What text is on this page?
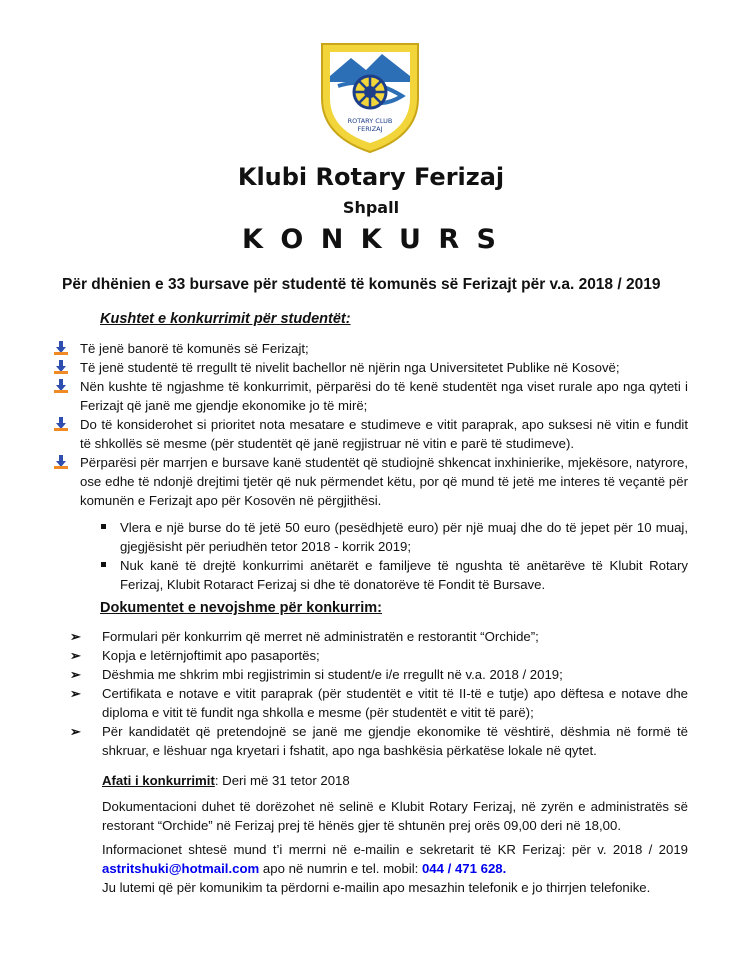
ROTARY CLUB
FERIZAJ
Klubi Rotary Ferizaj
Shpall
K O N K U R S
Për dhënien e 33 bursave për studentë të komunës së Ferizajt për v.a. 2018 / 2019
Kushtet e konkurrimit për studentët:
Të jenë banorë të komunës së Ferizajt;
Të jenë studentë të rregullt të nivelit bachellor në njërin nga Universitetet Publike në Kosovë;
Nën kushte të ngjashme të konkurrimit, përparësi do të kenë studentët nga viset rurale apo nga qyteti i Ferizajt që janë me gjendje ekonomike jo të mirë;
Do të konsiderohet si prioritet nota mesatare e studimeve e vitit paraprak, apo suksesi në vitin e fundit të shkollës së mesme (për studentët që janë regjistruar në vitin e parë të studimeve).
Përparësi për marrjen e bursave kanë studentët që studiojnë shkencat inxhinierike, mjekësore, natyrore, ose edhe të ndonjë drejtimi tjetër që nuk përmendet këtu, por që mund të jetë me interes të veçantë për komunën e Ferizajt apo për Kosovën në përgjithësi.
Vlera e një burse do të jetë 50 euro (pesëdhjetë euro) për një muaj dhe do të jepet për 10 muaj, gjegjësisht për periudhën tetor 2018 - korrik 2019;
Nuk kanë të drejtë konkurrimi anëtarët e familjeve të ngushta të anëtarëve të Klubit Rotary Ferizaj, Klubit Rotaract Ferizaj si dhe të donatorëve të Fondit të Bursave.
Dokumentet e nevojshme për konkurrim:
➢ Formulari për konkurrim që merret në administratën e restorantit “Orchide”;
➢ Kopja e letërnjoftimit apo pasaportës;
➢ Dëshmia me shkrim mbi regjistrimin si student/e i/e rregullt në v.a. 2018 / 2019;
➢ Certifikata e notave e vitit paraprak (për studentët e vitit të II-të e tutje) apo dëftesa e notave dhe diploma e vitit të fundit nga shkolla e mesme (për studentët e vitit të parë);
➢ Për kandidatët që pretendojnë se janë me gjendje ekonomike të vështirë, dëshmia në formë të shkruar, e lëshuar nga kryetari i fshatit, apo nga bashkësia përkatëse lokale në qytet.
Afati i konkurrimit: Deri më 31 tetor 2018
Dokumentacioni duhet të dorëzohet në selinë e Klubit Rotary Ferizaj, në zyrën e administratës së restorant “Orchide” në Ferizaj prej të hënës gjer të shtunën prej orës 09,00 deri në 18,00.
Informacionet shtesë mund t’i merrni në e-mailin e sekretarit të KR Ferizaj: për v. 2018 / 2019 astritshuki@hotmail.com apo në numrin e tel. mobil: 044 / 471 628.
Ju lutemi që për komunikim ta përdorni e-mailin apo mesazhin telefonik e jo thirrjen telefonike.
